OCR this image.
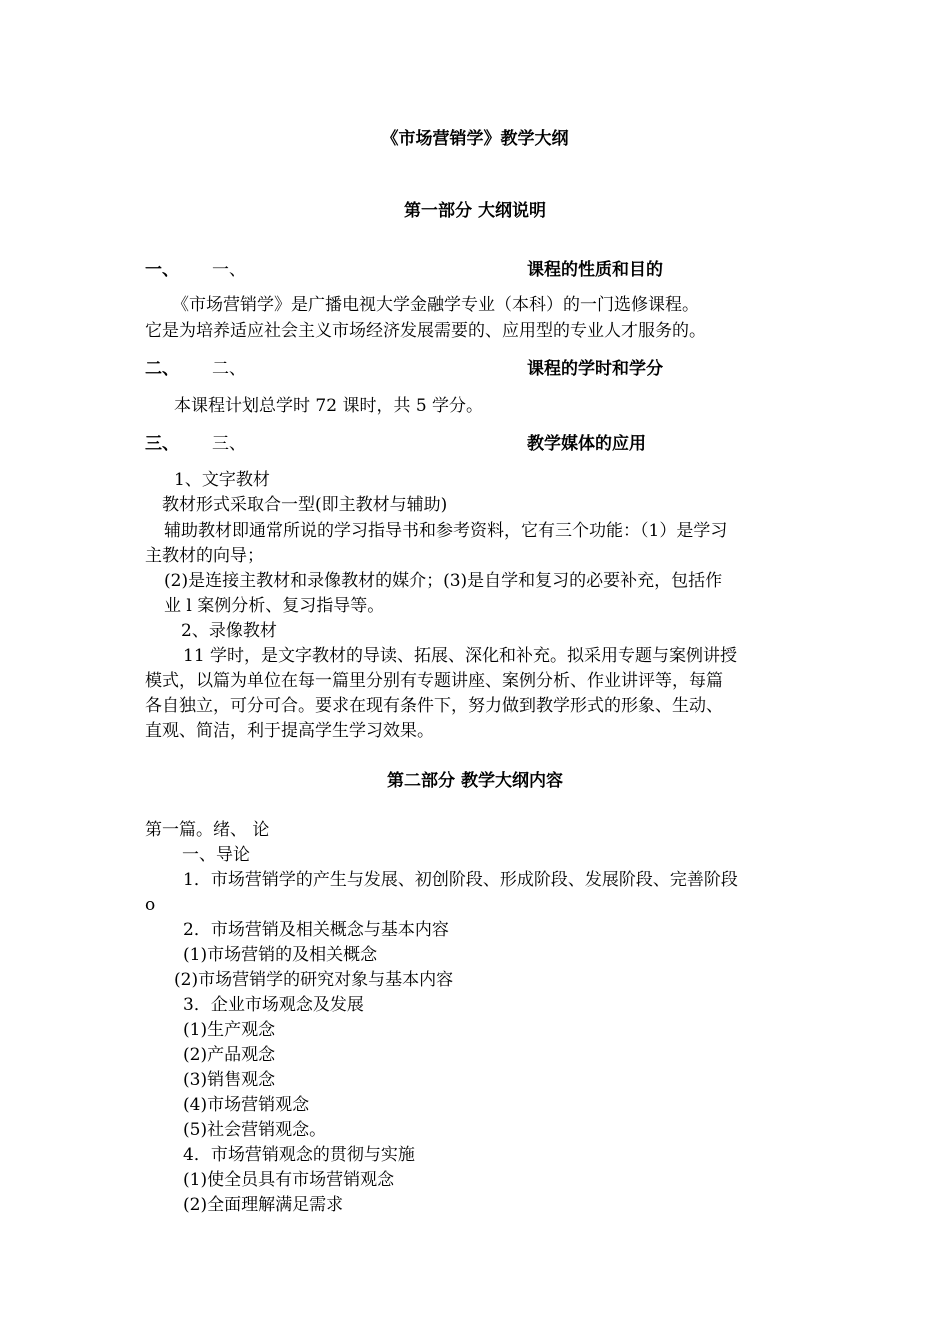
《市场营销学》教学大纲
第一部分 大纲说明
一、 一、	课程的性质和目的
《市场营销学》是广播电视大学金融学专业（本科）的一门选修课程。
它是为培养适应社会主义市场经济发展需要的、应用型的专业人才服务的。
二、 二、	课程的学时和学分
本课程计划总学时 72 课时，共 5 学分。
三、 三、	教学媒体的应用
1、文字教材
教材形式采取合一型(即主教材与辅助)
辅助教材即通常所说的学习指导书和参考资料，它有三个功能：（1）是学习
主教材的向导；
(2)是连接主教材和录像教材的媒介；(3)是自学和复习的必要补充，包括作
业 l 案例分析、复习指导等。
2、录像教材
11 学时，是文字教材的导读、拓展、深化和补充。拟采用专题与案例讲授
模式，以篇为单位在每一篇里分别有专题讲座、案例分析、作业讲评等，每篇
各自独立，可分可合。要求在现有条件下，努力做到教学形式的形象、生动、
直观、简洁，利于提高学生学习效果。
第二部分 教学大纲内容
第一篇。绪、 论
一、导论
1．市场营销学的产生与发展、初创阶段、形成阶段、发展阶段、完善阶段
o
2．市场营销及相关概念与基本内容
(1)市场营销的及相关概念
(2)市场营销学的研究对象与基本内容
3．企业市场观念及发展
(1)生产观念
(2)产品观念
(3)销售观念
(4)市场营销观念
(5)社会营销观念。
4．市场营销观念的贯彻与实施
(1)使全员具有市场营销观念
(2)全面理解满足需求
